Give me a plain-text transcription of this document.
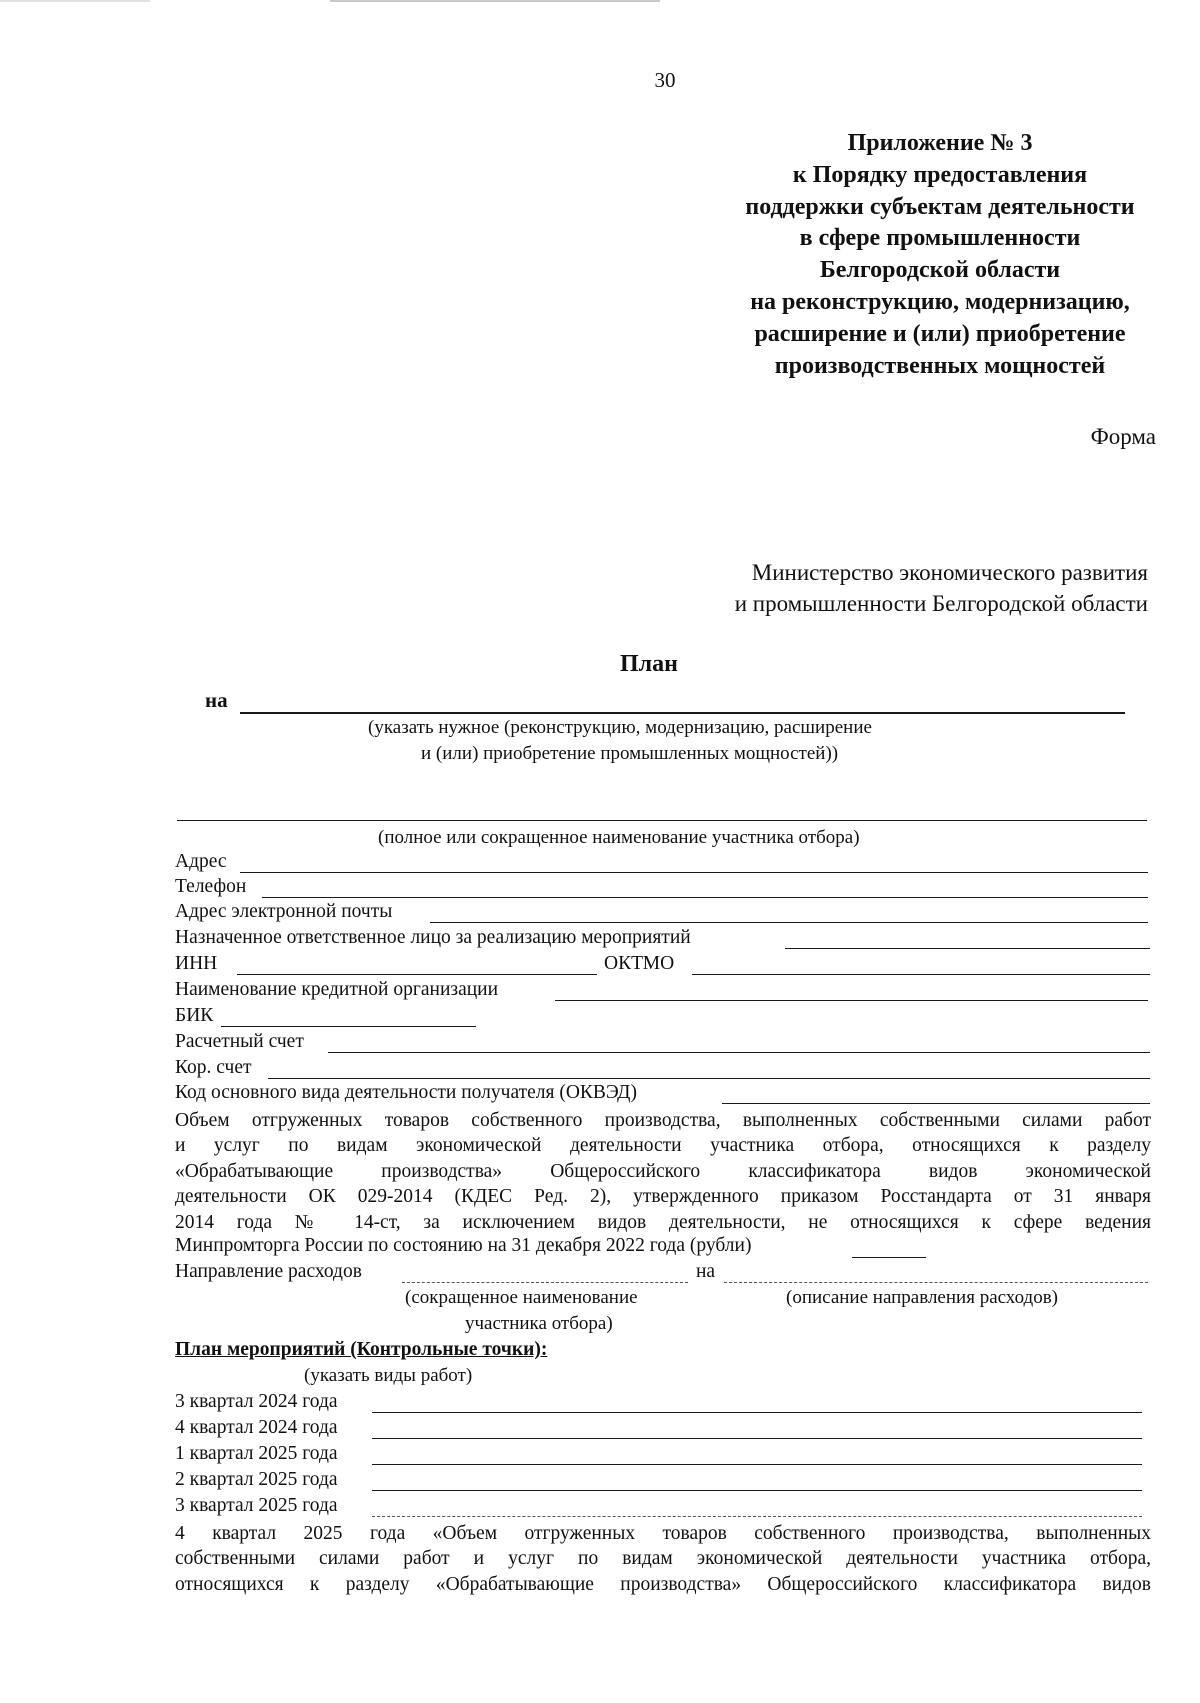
30
Приложение № 3
к Порядку предоставления
поддержки субъектам деятельности
в сфере промышленности
Белгородской области
на реконструкцию, модернизацию,
расширение и (или) приобретение
производственных мощностей
Форма
Министерство экономического развития
и промышленности Белгородской области
План
на
(указать нужное (реконструкцию, модернизацию, расширение
и (или) приобретение промышленных мощностей))
(полное или сокращенное наименование участника отбора)
Адрес
Телефон
Адрес электронной почты
Назначенное ответственное лицо за реализацию мероприятий
ИНН	ОКТМО
Наименование кредитной организации
БИК
Расчетный счет
Кор. счет
Код основного вида деятельности получателя (ОКВЭД)
Объем отгруженных товаров собственного производства, выполненных собственными силами работ
и услуг по видам экономической деятельности участника отбора, относящихся к разделу
«Обрабатывающие производства» Общероссийского классификатора видов экономической
деятельности ОК 029-2014 (КДЕС Ред. 2), утвержденного приказом Росстандарта от 31 января
2014 года № 14-ст, за исключением видов деятельности, не относящихся к сфере ведения
Минпромторга России по состоянию на 31 декабря 2022 года (рубли)
Направление расходов	на
(сокращенное наименование
участника отбора)
(описание направления расходов)
План мероприятий (Контрольные точки):
(указать виды работ)
3 квартал 2024 года
4 квартал 2024 года
1 квартал 2025 года
2 квартал 2025 года
3 квартал 2025 года
4 квартал 2025 года «Объем отгруженных товаров собственного производства, выполненных
собственными силами работ и услуг по видам экономической деятельности участника отбора,
относящихся к разделу «Обрабатывающие производства» Общероссийского классификатора видов
